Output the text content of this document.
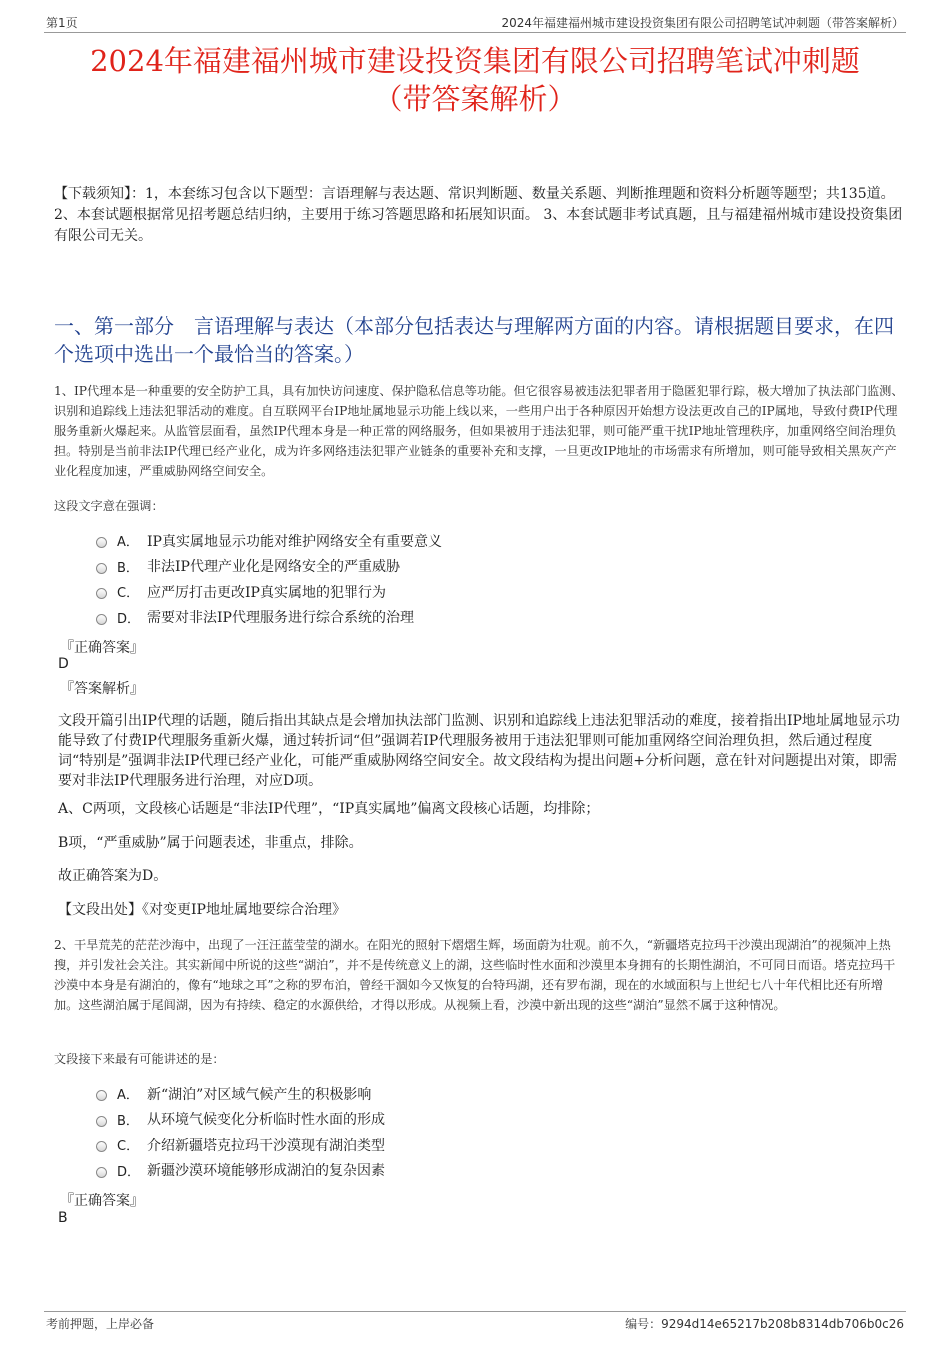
第1页	2024年福建福州城市建设投资集团有限公司招聘笔试冲刺题（带答案解析）
2024年福建福州城市建设投资集团有限公司招聘笔试冲刺题
（带答案解析）

【下载须知】：1，本套练习包含以下题型：言语理解与表达题、常识判断题、数量关系题、判断推理题和资料分析题等题型；共135道。 2、本套试题根据常见招考题总结归纳，主要用于练习答题思路和拓展知识面。 3、本套试题非考试真题，且与福建福州城市建设投资集团有限公司无关。

一、第一部分　言语理解与表达（本部分包括表达与理解两方面的内容。请根据题目要求，在四个选项中选出一个最恰当的答案。）

1、IP代理本是一种重要的安全防护工具，具有加快访问速度、保护隐私信息等功能。但它很容易被违法犯罪者用于隐匿犯罪行踪，极大增加了执法部门监测、识别和追踪线上违法犯罪活动的难度。自互联网平台IP地址属地显示功能上线以来，一些用户出于各种原因开始想方设法更改自己的IP属地，导致付费IP代理服务重新火爆起来。从监管层面看，虽然IP代理本身是一种正常的网络服务，但如果被用于违法犯罪，则可能严重干扰IP地址管理秩序，加重网络空间治理负担。特别是当前非法IP代理已经产业化，成为许多网络违法犯罪产业链条的重要补充和支撑，一旦更改IP地址的市场需求有所增加，则可能导致相关黑灰产产业化程度加速，严重威胁网络空间安全。

这段文字意在强调：

A． IP真实属地显示功能对维护网络安全有重要意义
B． 非法IP代理产业化是网络安全的严重威胁
C． 应严厉打击更改IP真实属地的犯罪行为
D． 需要对非法IP代理服务进行综合系统的治理

『正确答案』

D

『答案解析』

文段开篇引出IP代理的话题，随后指出其缺点是会增加执法部门监测、识别和追踪线上违法犯罪活动的难度，接着指出IP地址属地显示功能导致了付费IP代理服务重新火爆，通过转折词“但”强调若IP代理服务被用于违法犯罪则可能加重网络空间治理负担，然后通过程度词“特别是”强调非法IP代理已经产业化，可能严重威胁网络空间安全。故文段结构为提出问题+分析问题，意在针对问题提出对策，即需要对非法IP代理服务进行治理，对应D项。

A、C两项，文段核心话题是“非法IP代理”，“IP真实属地”偏离文段核心话题，均排除；

B项，“严重威胁”属于问题表述，非重点，排除。

故正确答案为D。

【文段出处】《对变更IP地址属地要综合治理》

2、干旱荒芜的茫茫沙海中，出现了一汪汪蓝莹莹的湖水。在阳光的照射下熠熠生辉，场面蔚为壮观。前不久，“新疆塔克拉玛干沙漠出现湖泊”的视频冲上热搜，并引发社会关注。其实新闻中所说的这些“湖泊”，并不是传统意义上的湖，这些临时性水面和沙漠里本身拥有的长期性湖泊，不可同日而语。塔克拉玛干沙漠中本身是有湖泊的，像有“地球之耳”之称的罗布泊，曾经干涸如今又恢复的台特玛湖，还有罗布湖，现在的水域面积与上世纪七八十年代相比还有所增加。这些湖泊属于尾闾湖，因为有持续、稳定的水源供给，才得以形成。从视频上看，沙漠中新出现的这些“湖泊”显然不属于这种情况。

文段接下来最有可能讲述的是：

A． 新“湖泊”对区域气候产生的积极影响
B． 从环境气候变化分析临时性水面的形成
C． 介绍新疆塔克拉玛干沙漠现有湖泊类型
D． 新疆沙漠环境能够形成湖泊的复杂因素

『正确答案』

B

考前押题，上岸必备	编号：9294d14e65217b208b8314db706b0c26
